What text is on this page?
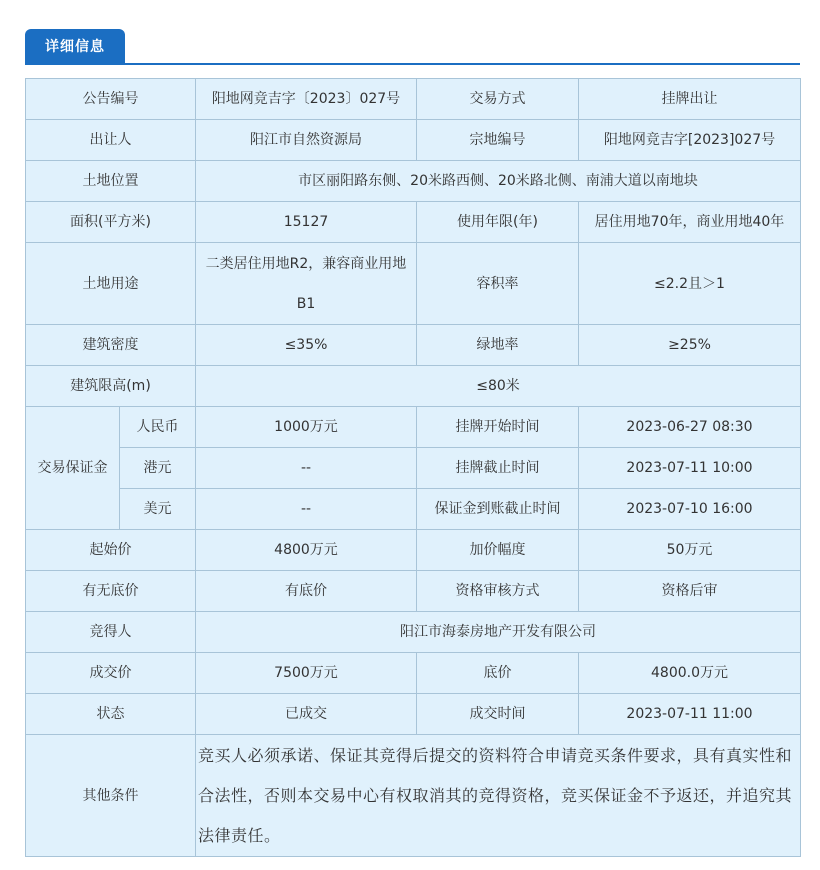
详细信息
公告编号		阳地网竞吉字〔2023〕027号	交易方式	挂牌出让
出让人		阳江市自然资源局	宗地编号	阳地网竞吉字[2023]027号
土地位置		市区丽阳路东侧、20米路西侧、20米路北侧、南浦大道以南地块		
面积(平方米)		15127	使用年限(年)	居住用地70年，商业用地40年
土地用途		二类居住用地R2，兼容商业用地B1	容积率	≤2.2且＞1
建筑密度		≤35%	绿地率	≥25%
建筑限高(m)		≤80米		
交易保证金	人民币	1000万元	挂牌开始时间	2023-06-27 08:30
	港元	--	挂牌截止时间	2023-07-11 10:00
	美元	--	保证金到账截止时间	2023-07-10 16:00
起始价		4800万元	加价幅度	50万元
有无底价		有底价	资格审核方式	资格后审
竞得人		阳江市海泰房地产开发有限公司		
成交价		7500万元	底价	4800.0万元
状态		已成交	成交时间	2023-07-11 11:00
其他条件		竞买人必须承诺、保证其竞得后提交的资料符合申请竞买条件要求，具有真实性和合法性，否则本交易中心有权取消其的竞得资格，竞买保证金不予返还，并追究其法律责任。		
